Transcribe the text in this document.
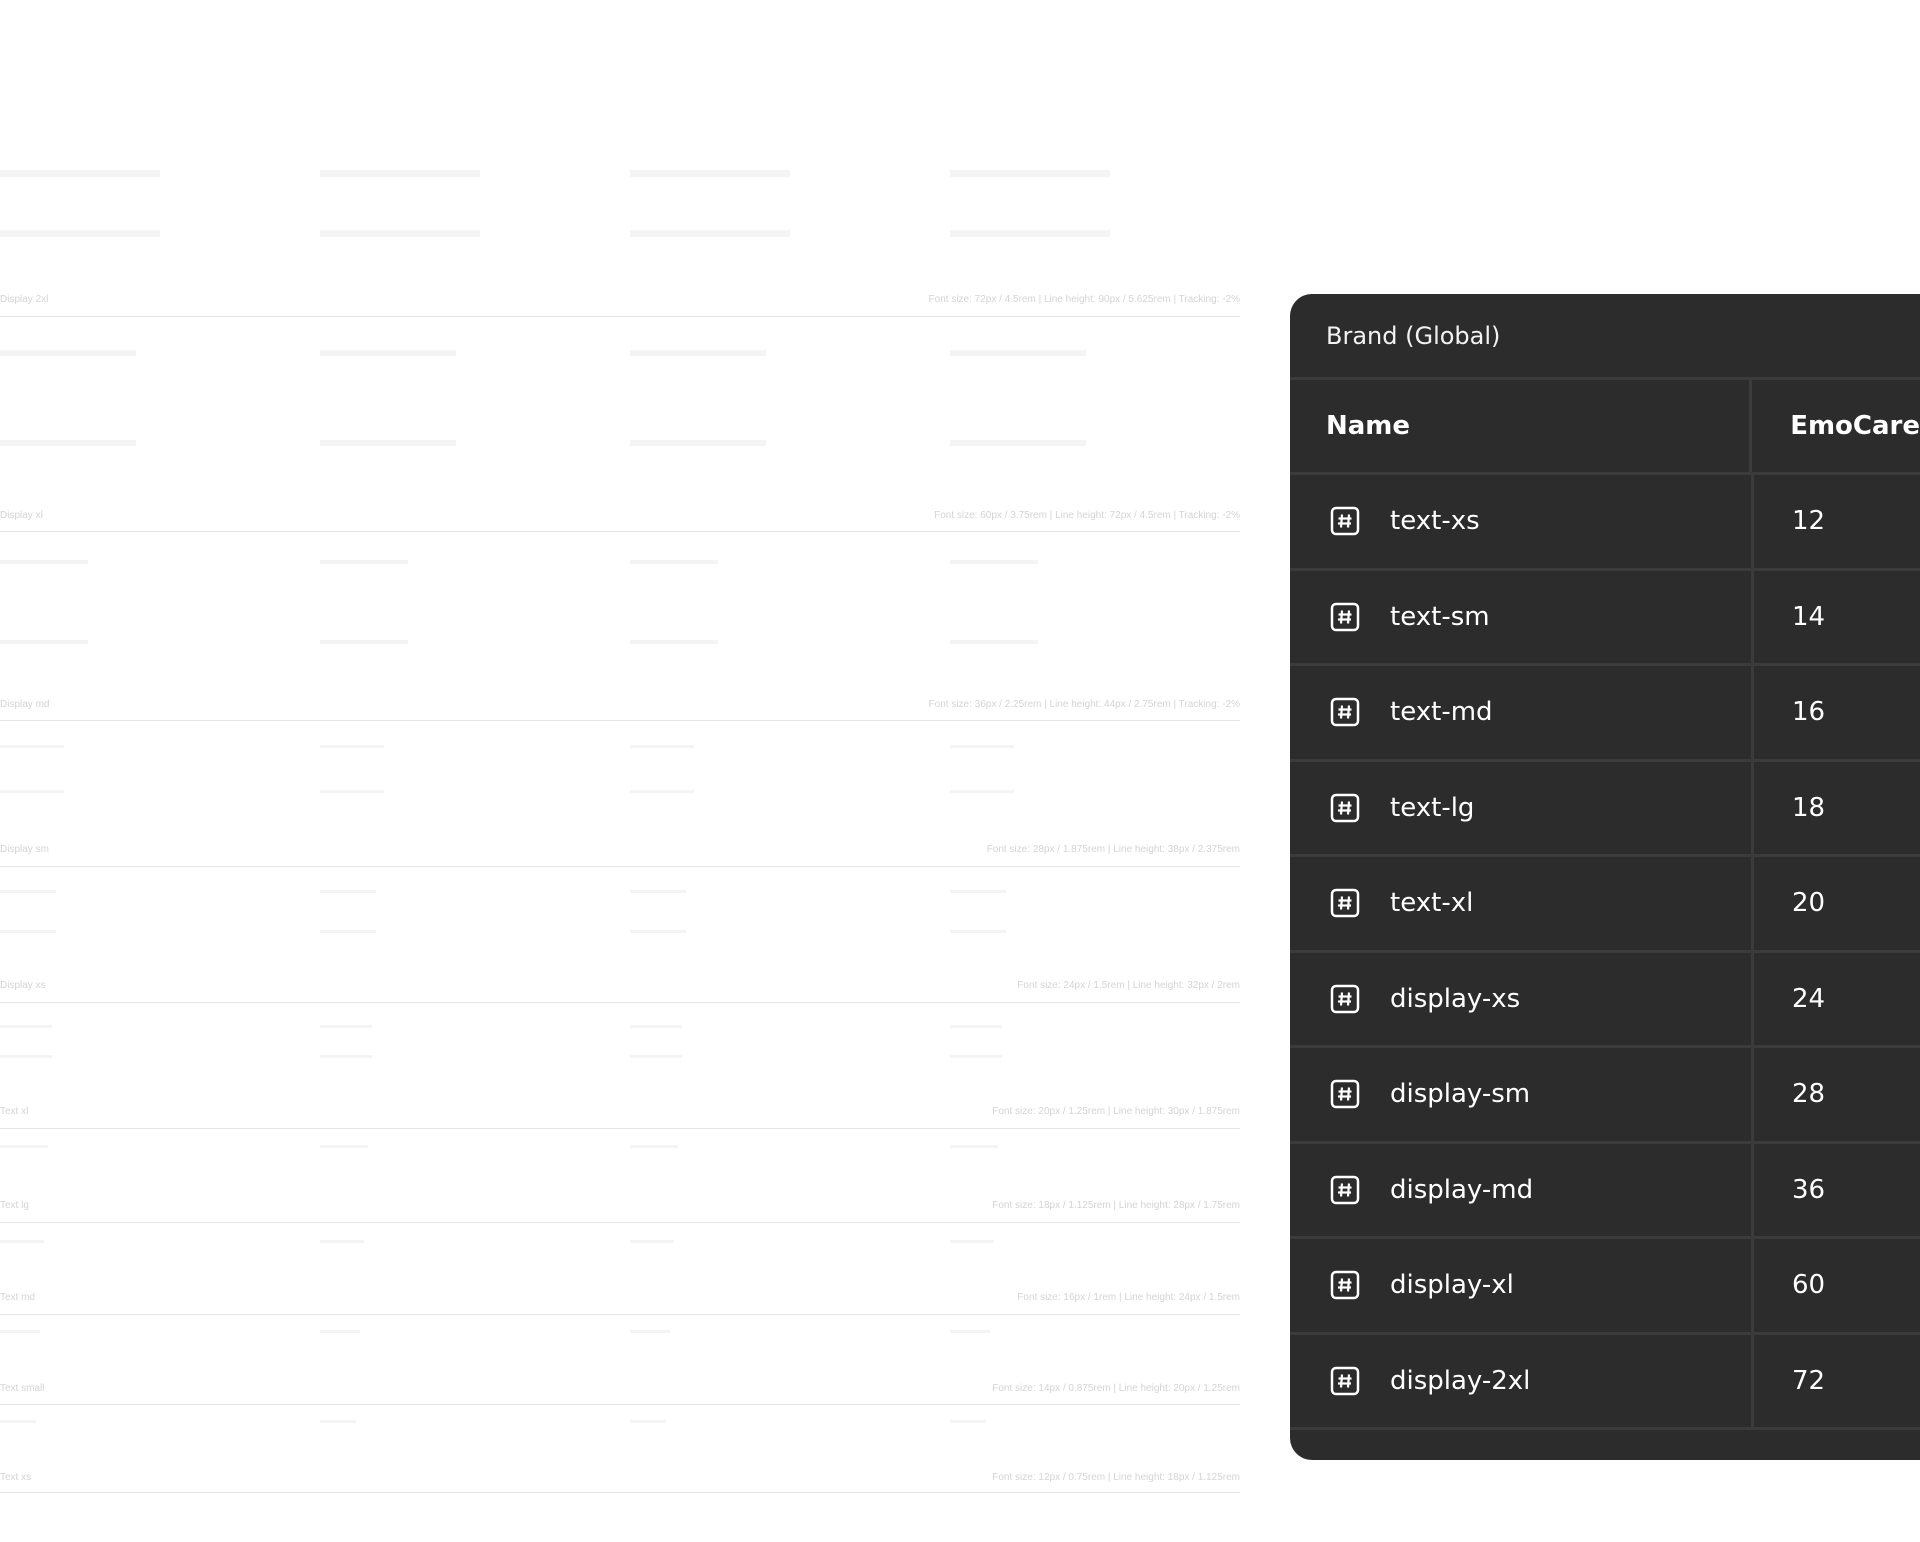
Display 2xl	Font size: 72px / 4.5rem | Line height: 90px / 5.625rem | Tracking: -2%
Display xl	Font size: 60px / 3.75rem | Line height: 72px / 4.5rem | Tracking: -2%
Display md	Font size: 36px / 2.25rem | Line height: 44px / 2.75rem | Tracking: -2%
Display sm	Font size: 28px / 1.875rem | Line height: 38px / 2.375rem
Display xs	Font size: 24px / 1.5rem | Line height: 32px / 2rem
Text xl	Font size: 20px / 1.25rem | Line height: 30px / 1.875rem
Text lg	Font size: 18px / 1.125rem | Line height: 28px / 1.75rem
Text md	Font size: 16px / 1rem | Line height: 24px / 1.5rem
Text small	Font size: 14px / 0.875rem | Line height: 20px / 1.25rem
Text xs	Font size: 12px / 0.75rem | Line height: 18px / 1.125rem
Brand (Global)
Name	EmoCare
text-xs	12
text-sm	14
text-md	16
text-lg	18
text-xl	20
display-xs	24
display-sm	28
display-md	36
display-xl	60
display-2xl	72
